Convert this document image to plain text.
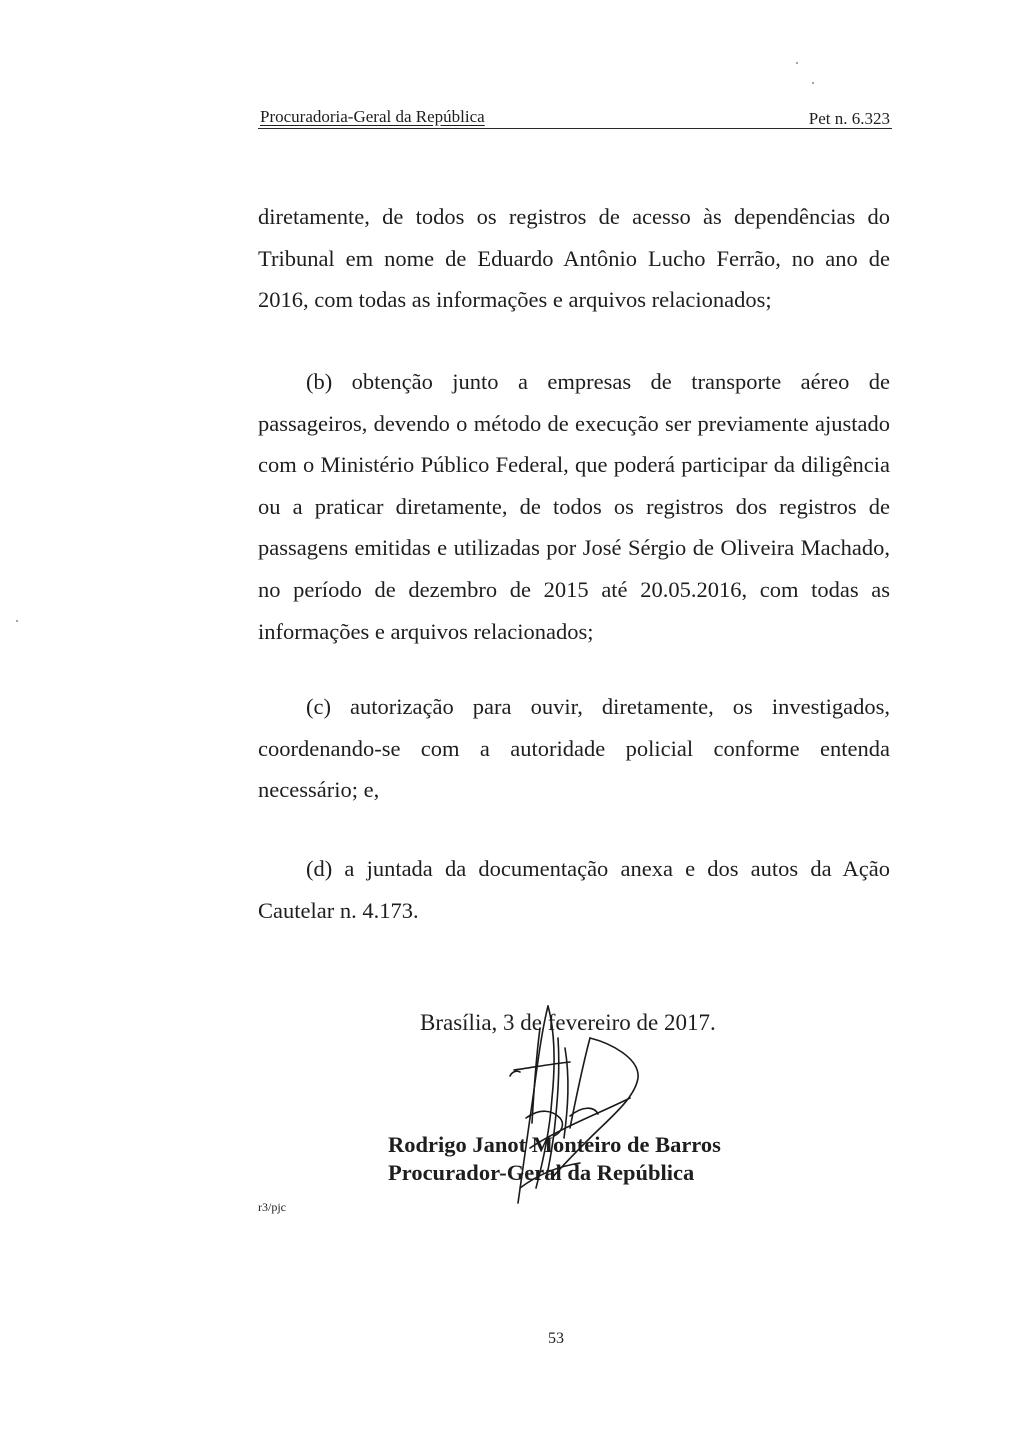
Procuradoria-Geral da República	Pet n. 6.323

diretamente, de todos os registros de acesso às dependências do Tribunal em nome de Eduardo Antônio Lucho Ferrão, no ano de 2016, com todas as informações e arquivos relacionados;

(b) obtenção junto a empresas de transporte aéreo de passageiros, devendo o método de execução ser previamente ajustado com o Ministério Público Federal, que poderá participar da diligência ou a praticar diretamente, de todos os registros dos registros de passagens emitidas e utilizadas por José Sérgio de Oliveira Machado, no período de dezembro de 2015 até 20.05.2016, com todas as informações e arquivos relacionados;

(c) autorização para ouvir, diretamente, os investigados, coordenando-se com a autoridade policial conforme entenda necessário; e,

(d) a juntada da documentação anexa e dos autos da Ação Cautelar n. 4.173.

Brasília, 3 de fevereiro de 2017.
Rodrigo Janot Monteiro de Barros
Procurador-Geral da República
r3/pjc
53
